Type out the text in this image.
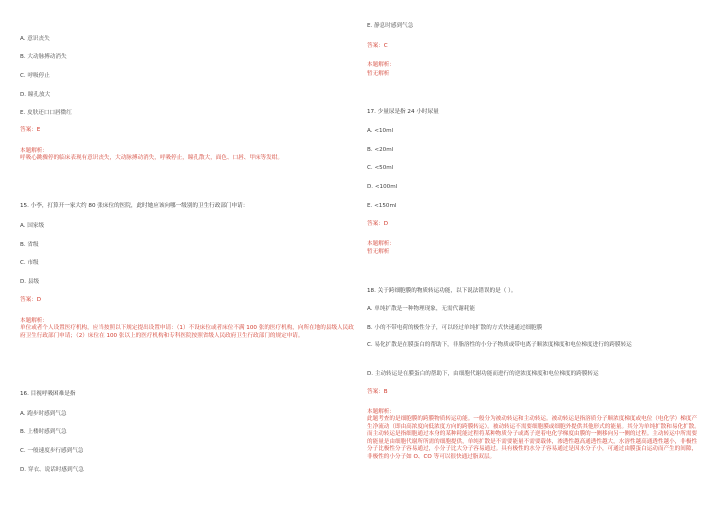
A. 意识丧失
B. 大动脉搏动消失
C. 呼吸停止
D. 瞳孔放大
E. 皮肤还口口唇微红
答案：E
本题解析：
呼吸心跳骤停的临床表现有意识丧失，大动脉搏动消失，呼吸停止，瞳孔散大，面色、口唇、甲床等发绀。
15. 小李，打算开一家大约 80 张床位的医院，此时她应该向哪一级别的卫生行政部门申请：
A. 国家级
B. 省级
C. 市级
D. 县级
答案：D
本题解析：
单位或者个人设置医疗机构，应当按照以下规定提出设置申请：（1）不设床位或者床位不满 100 张的医疗机构，向所在地的县级人民政府卫生行政部门申请；（2）床位在 100 张以上的医疗机构和专科医院按照省级人民政府卫生行政部门的规定申请。
16. 目视呼吸困难是指
A. 跑步时感到气急
B. 上楼时感到气急
C. 一般速度步行感到气急
D. 穿衣、说话时感到气急
E. 静息时感到气急
答案：C
本题解析：
暂无解析
17. 少量尿是指 24 小时尿量
A. <10ml
B. <20ml
C. <50ml
D. <100ml
E. <150ml
答案：D
本题解析：
暂无解析
18. 关于跨细胞膜的物质转运功能，以下说法错误的是（ ）。
A. 单纯扩散是一种物理现象，无需代谢耗能
B. 小的不带电荷的极性分子，可以经过单纯扩散的方式快速通过细胞膜
C. 易化扩散是在膜蛋白的帮助下，非脂溶性的小分子物质或带电离子顺浓度梯度和电位梯度进行的跨膜转运
D. 主动转运是在膜蛋白的帮助下，由细胞代谢功能而进行的逆浓度梯度和电位梯度的跨膜转运
答案：B
本题解析：
此题考查的是细胞膜的跨膜物质转运功能。一般分为被动转运和主动转运。被动转运是指溶质分子顺浓度梯度或电位（电化学）梯度产生净流动（即由高浓度向低浓度方向的跨膜转运）。被动转运不需要细胞膜或细胞外提供其他形式的能量。其分为单纯扩散和易化扩散。而主动转运是指细胞通过本身的某种耗能过程将某种物质分子或离子逆着电化学梯度由膜的一侧移向另一侧的过程。主动转运中所需要的能量是由细胞代谢所所需的细胞提供，单纯扩散是不需要能量不需要载体，渗透性越高通透性越大，水溶性越高通透性越小，非极性分子比极性分子容易通过，小分子比大分子容易通过。具有极性的水分子容易通过是因水分子小，可通过由膜蛋白运动而产生的间隙，非极性的小分子如 O、CO 等可以很快通过脂双层。
